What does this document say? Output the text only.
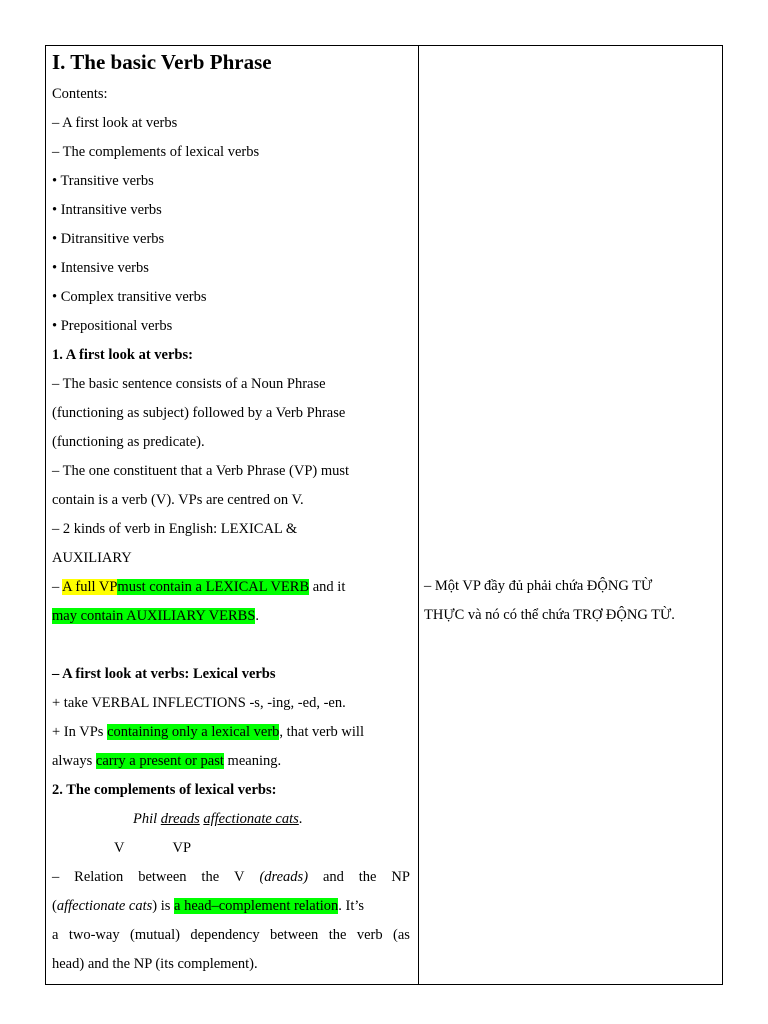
I. The basic Verb Phrase
Contents:
– A first look at verbs
– The complements of lexical verbs
• Transitive verbs
• Intransitive verbs
• Ditransitive verbs
• Intensive verbs
• Complex transitive verbs
• Prepositional verbs
1. A first look at verbs:
– The basic sentence consists of a Noun Phrase
(functioning as subject) followed by a Verb Phrase
(functioning as predicate).
– The one constituent that a Verb Phrase (VP) must
contain is a verb (V). VPs are centred on V.
– 2 kinds of verb in English: LEXICAL &
AUXILIARY
– A full VPmust contain a LEXICAL VERB and it
may contain AUXILIARY VERBS.
– A first look at verbs: Lexical verbs
+ take VERBAL INFLECTIONS -s, -ing, -ed, -en.
+ In VPs containing only a lexical verb, that verb will
always carry a present or past meaning.
2. The complements of lexical verbs:
Phil dreads affectionate cats.
V	VP
– Relation between the V (dreads) and the NP
(affectionate cats) is a head–complement relation. It’s
a two-way (mutual) dependency between the verb (as
head) and the NP (its complement).
– Một VP đầy đủ phải chứa ĐỘNG TỪ
THỰC và nó có thể chứa TRỢ ĐỘNG TỪ.
